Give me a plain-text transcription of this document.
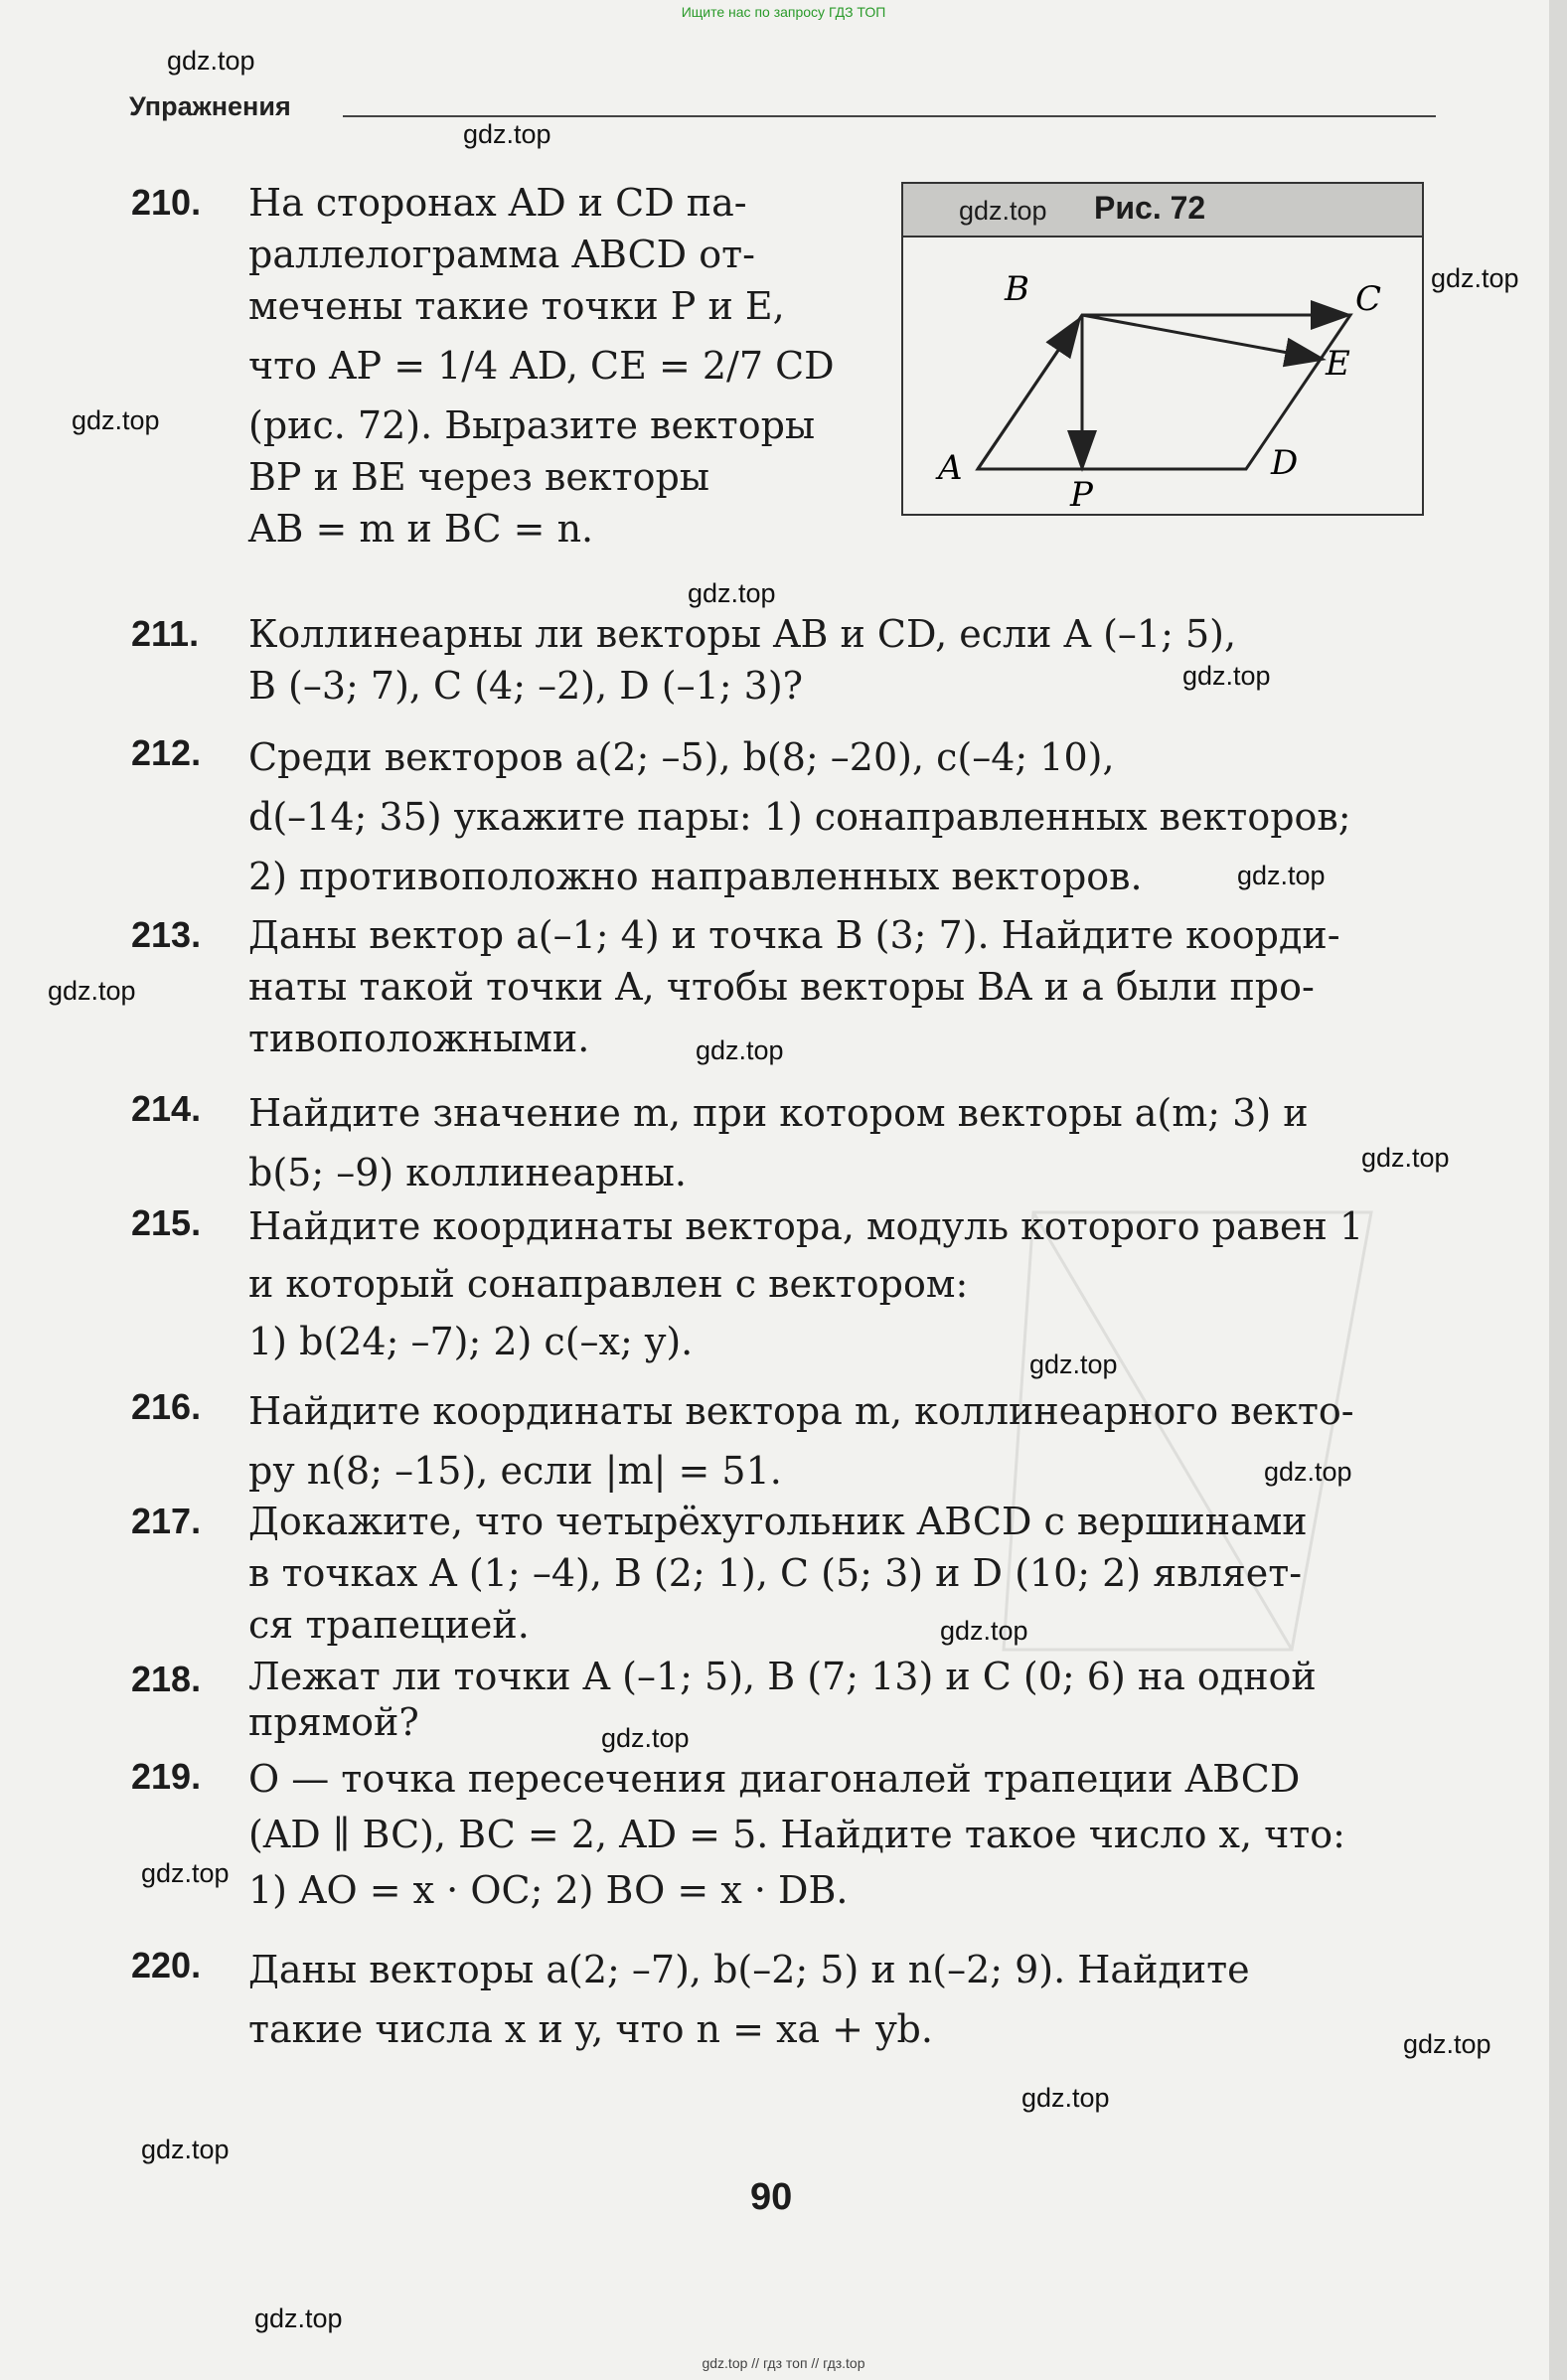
Ищите нас по запросу ГДЗ ТОП
Упражнения
gdz.top Рис. 72
B	C
E
A
P
D
210. На сторонах AD и CD па-
раллелограмма ABCD от-
мечены такие точки P и E,
что AP = 1/4 AD, CE = 2/7 CD
(рис. 72). Выразите векторы
BP и BE через векторы
AB = m и BC = n.
211. Коллинеарны ли векторы AB и CD, если A (–1; 5),
B (–3; 7), C (4; –2), D (–1; 3)?
212. Среди векторов a(2; –5), b(8; –20), c(–4; 10),
d(–14; 35) укажите пары: 1) сонаправленных векторов;
2) противоположно направленных векторов.
213. Даны вектор a(–1; 4) и точка B (3; 7). Найдите коорди-
наты такой точки A, чтобы векторы BA и a были про-
тивоположными.
214. Найдите значение m, при котором векторы a(m; 3) и
b(5; –9) коллинеарны.
215. Найдите координаты вектора, модуль которого равен 1
и который сонаправлен с вектором:
1) b(24; –7); 2) c(–x; y).
216. Найдите координаты вектора m, коллинеарного векто-
ру n(8; –15), если |m| = 51.
217. Докажите, что четырёхугольник ABCD с вершинами
в точках A (1; –4), B (2; 1), C (5; 3) и D (10; 2) являет-
ся трапецией.
218. Лежат ли точки A (–1; 5), B (7; 13) и C (0; 6) на одной
прямой?
219. O — точка пересечения диагоналей трапеции ABCD
(AD ∥ BC), BC = 2, AD = 5. Найдите такое число x, что:
1) AO = x · OC; 2) BO = x · DB.
220. Даны векторы a(2; –7), b(–2; 5) и n(–2; 9). Найдите
такие числа x и y, что n = xa + yb.
90
gdz.top
gdz.top
gdz.top
gdz.top
gdz.top
gdz.top
gdz.top
gdz.top
gdz.top
gdz.top
gdz.top
gdz.top
gdz.top
gdz.top
gdz.top
gdz.top
gdz.top
gdz.top
gdz.top
gdz.top // гдз топ // гдз.top
